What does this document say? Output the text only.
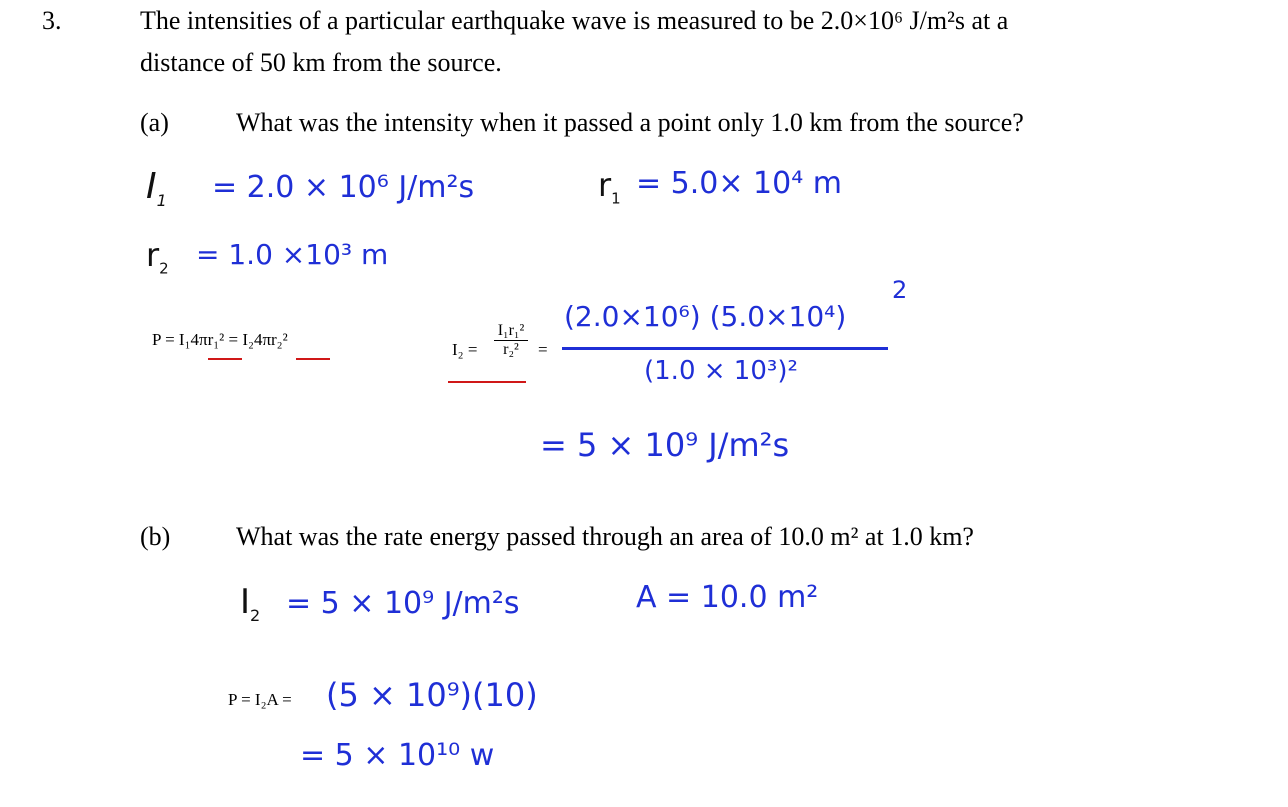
3.	The intensities of a particular earthquake wave is measured to be 2.0×10⁶ J/m²s at a
distance of 50 km from the source.
(a)	What was the intensity when it passed a point only 1.0 km from the source?
$I_1 = 2.0 \times 10^6$ J/m²s	$r_1 = 5.0\times 10^4$ m
$r_2 = 1.0 \times 10^3$ m
P = I₁4πr₁² = I₂4πr₂²
I₂ =
I₁r₁²
r₂² =
(2.0×10⁶) (5.0×10⁴)
2
(1.0 × 10³)²
= 5 × 10⁹ J/m²s
(b)	What was the rate energy passed through an area of 10.0 m² at 1.0 km?
$I_2 = 5 \times 10^9$ J/m²s	A = 10.0 m²
P = I₂A = (5 × 10⁹)(10)
= 5 × 10¹⁰ w
